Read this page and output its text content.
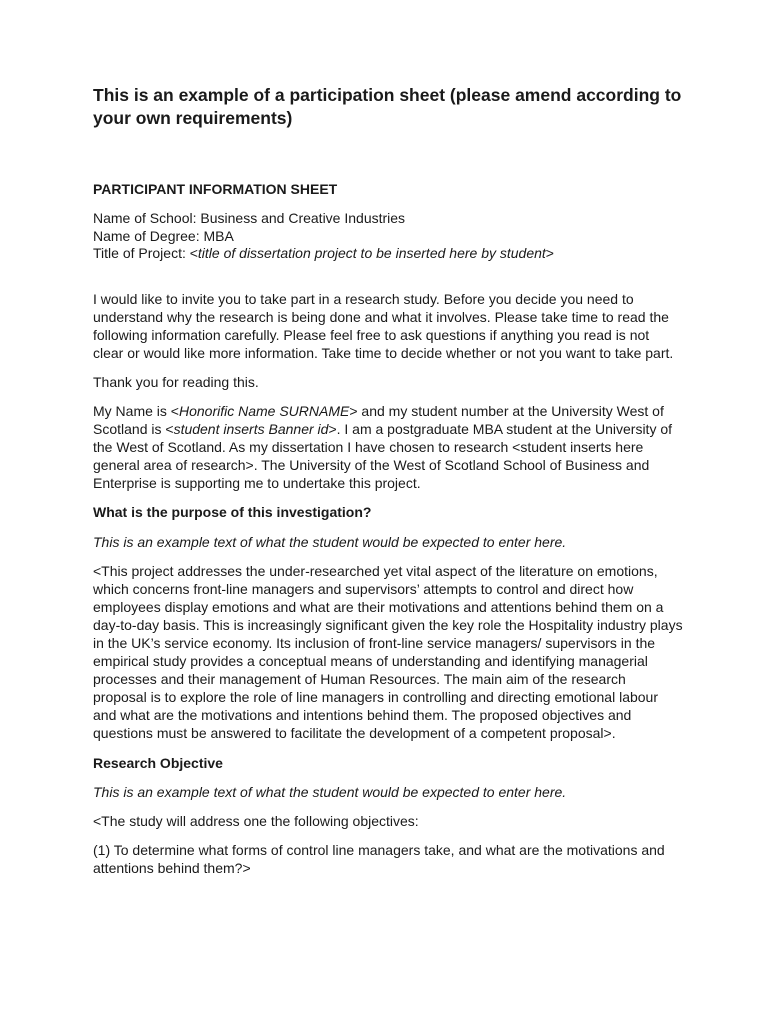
This is an example of a participation sheet (please amend according to your own requirements)
PARTICIPANT INFORMATION SHEET
Name of School: Business and Creative Industries
Name of Degree: MBA
Title of Project: <title of dissertation project to be inserted here by student>

I would like to invite you to take part in a research study. Before you decide you need to understand why the research is being done and what it involves. Please take time to read the following information carefully. Please feel free to ask questions if anything you read is not clear or would like more information. Take time to decide whether or not you want to take part.

Thank you for reading this.

My Name is <Honorific Name SURNAME> and my student number at the University West of Scotland is <student inserts Banner id>. I am a postgraduate MBA student at the University of the West of Scotland. As my dissertation I have chosen to research <student inserts here general area of research>. The University of the West of Scotland School of Business and Enterprise is supporting me to undertake this project.

What is the purpose of this investigation?

This is an example text of what the student would be expected to enter here.

<This project addresses the under-researched yet vital aspect of the literature on emotions, which concerns front-line managers and supervisors’ attempts to control and direct how employees display emotions and what are their motivations and attentions behind them on a day-to-day basis. This is increasingly significant given the key role the Hospitality industry plays in the UK’s service economy. Its inclusion of front-line service managers/ supervisors in the empirical study provides a conceptual means of understanding and identifying managerial processes and their management of Human Resources. The main aim of the research proposal is to explore the role of line managers in controlling and directing emotional labour and what are the motivations and intentions behind them. The proposed objectives and questions must be answered to facilitate the development of a competent proposal>.

Research Objective

This is an example text of what the student would be expected to enter here.

<The study will address one the following objectives:

(1) To determine what forms of control line managers take, and what are the motivations and attentions behind them?>
